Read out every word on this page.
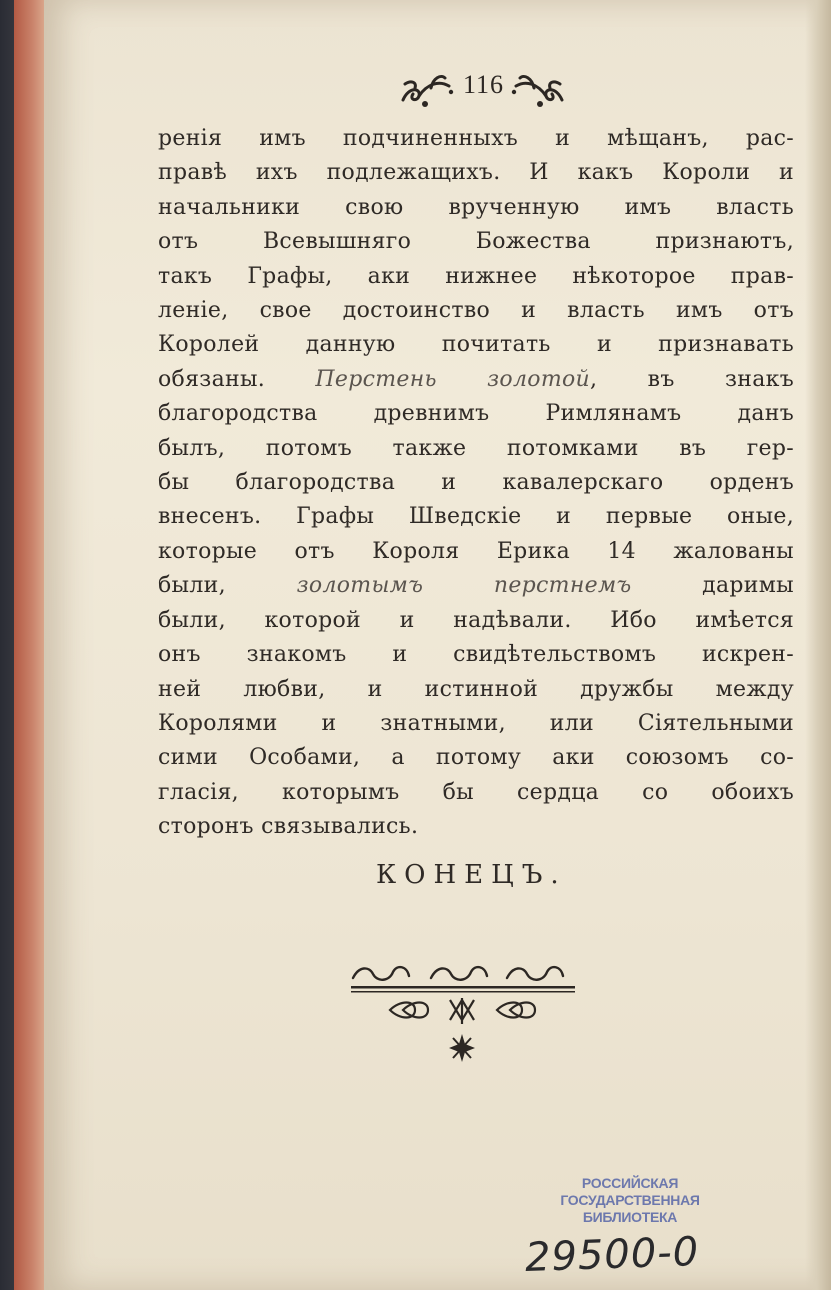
116
ренія имъ подчиненныхъ и мѣщанъ, рас-
правѣ ихъ подлежащихъ. И какъ Короли и
начальники свою врученную имъ власть
отъ Всевышняго Божества признаютъ,
такъ Графы, аки нижнее нѣкоторое прав-
леніе, свое достоинство и власть имъ отъ
Королей данную почитать и признавать
обязаны. Перстень золотой, въ знакъ
благородства древнимъ Римлянамъ данъ
былъ, потомъ также потомками въ гер-
бы благородства и кавалерскаго орденъ
внесенъ. Графы Шведскіе и первые оные,
которые отъ Короля Ерика 14 жалованы
были, золотымъ перстнемъ даримы
были, которой и надѣвали. Ибо имѣется
онъ знакомъ и свидѣтельствомъ искрен-
ней любви, и истинной дружбы между
Королями и знатными, или Сіятельными
сими Особами, а потому аки союзомъ со-
гласія, которымъ бы сердца со обоихъ
сторонъ связывались.
КОНЕЦЪ.
РОССИЙСКАЯ
ГОСУДАРСТВЕННАЯ
БИБЛИОТЕКА
29500-0
